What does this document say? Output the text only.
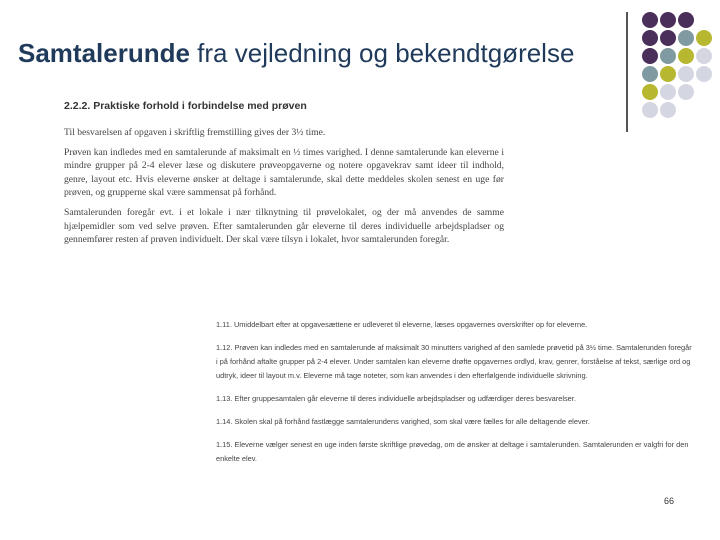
Samtalerunde fra vejledning og bekendtgørelse
2.2.2. Praktiske forhold i forbindelse med prøven

Til besvarelsen af opgaven i skriftlig fremstilling gives der 3½ time.

Prøven kan indledes med en samtalerunde af maksimalt en ½ times varighed. I denne samtalerunde kan eleverne i mindre grupper på 2-4 elever læse og diskutere prøveopgaverne og notere opgavekrav samt ideer til indhold, genre, layout etc. Hvis eleverne ønsker at deltage i samtalerunde, skal dette meddeles skolen senest en uge før prøven, og grupperne skal være sammensat på forhånd.

Samtalerunden foregår evt. i et lokale i nær tilknytning til prøvelokalet, og der må anvendes de samme hjælpemidler som ved selve prøven. Efter samtalerunden går eleverne til deres individuelle arbejdspladser og gennemfører resten af prøven individuelt. Der skal være tilsyn i lokalet, hvor samtalerunden foregår.

1.11. Umiddelbart efter at opgavesættene er udleveret til eleverne, læses opgavernes overskrifter op for eleverne.

1.12. Prøven kan indledes med en samtalerunde af maksimalt 30 minutters varighed af den samlede prøvetid på 3½ time. Samtalerunden foregår i på forhånd aftalte grupper på 2-4 elever. Under samtalen kan eleverne drøfte opgavernes ordlyd, krav, genrer, forståelse af tekst, særlige ord og udtryk, ideer til layout m.v. Eleverne må tage noteter, som kan anvendes i den efterfølgende individuelle skrivning.

1.13. Efter gruppesamtalen går eleverne til deres individuelle arbejdspladser og udfærdiger deres besvarelser.

1.14. Skolen skal på forhånd fastlægge samtalerundens varighed, som skal være fælles for alle deltagende elever.

1.15. Eleverne vælger senest en uge inden første skriftlige prøvedag, om de ønsker at deltage i samtalerunden. Samtalerunden er valgfri for den enkelte elev.

66
